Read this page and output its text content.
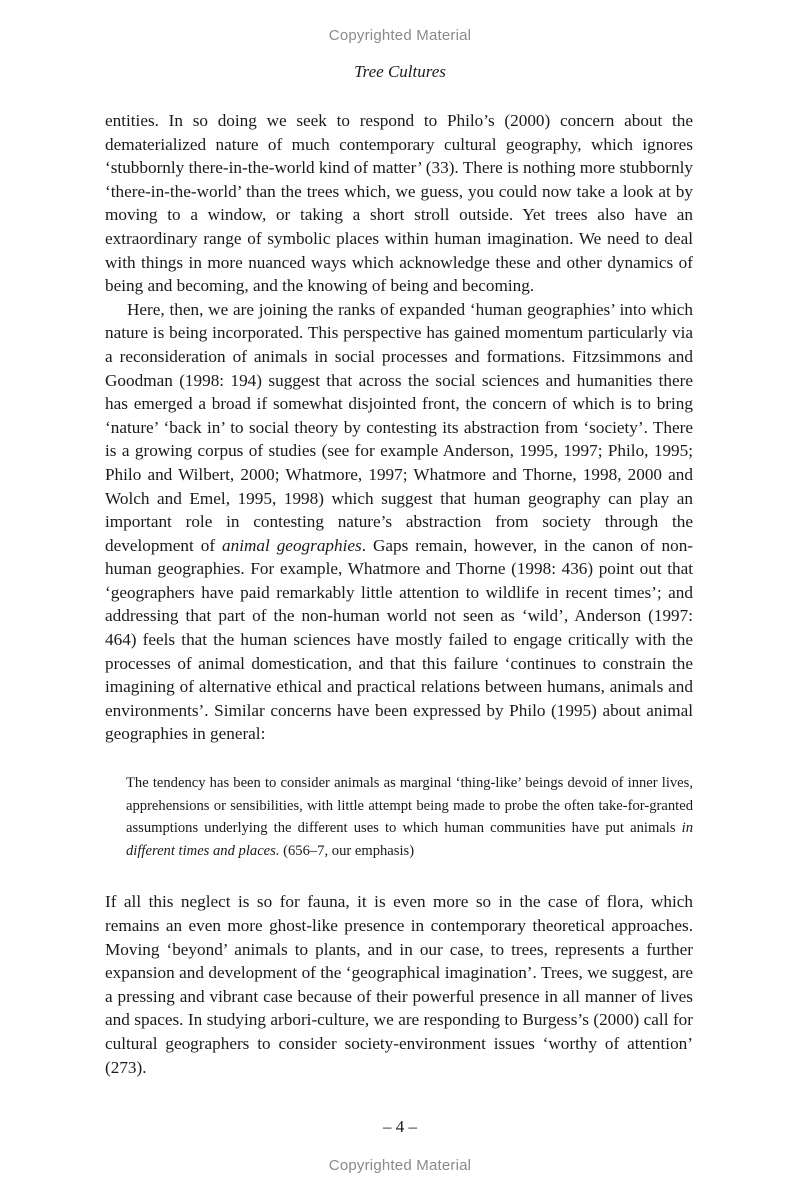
Copyrighted Material
Tree Cultures

entities. In so doing we seek to respond to Philo’s (2000) concern about the dematerialized nature of much contemporary cultural geography, which ignores ‘stubbornly there-in-the-world kind of matter’ (33). There is nothing more stubbornly ‘there-in-the-world’ than the trees which, we guess, you could now take a look at by moving to a window, or taking a short stroll outside. Yet trees also have an extraordinary range of symbolic places within human imagination. We need to deal with things in more nuanced ways which acknowledge these and other dynamics of being and becoming, and the knowing of being and becoming.

Here, then, we are joining the ranks of expanded ‘human geographies’ into which nature is being incorporated. This perspective has gained momentum particularly via a reconsideration of animals in social processes and formations. Fitzsimmons and Goodman (1998: 194) suggest that across the social sciences and humanities there has emerged a broad if somewhat disjointed front, the concern of which is to bring ‘nature’ ‘back in’ to social theory by contesting its abstraction from ‘society’. There is a growing corpus of studies (see for example Anderson, 1995, 1997; Philo, 1995; Philo and Wilbert, 2000; Whatmore, 1997; Whatmore and Thorne, 1998, 2000 and Wolch and Emel, 1995, 1998) which suggest that human geography can play an important role in contesting nature’s abstraction from society through the development of animal geographies. Gaps remain, however, in the canon of non-human geographies. For example, Whatmore and Thorne (1998: 436) point out that ‘geographers have paid remarkably little attention to wildlife in recent times’; and addressing that part of the non-human world not seen as ‘wild’, Anderson (1997: 464) feels that the human sciences have mostly failed to engage critically with the processes of animal domestication, and that this failure ‘continues to constrain the imagining of alternative ethical and practical relations between humans, animals and environments’. Similar concerns have been expressed by Philo (1995) about animal geographies in general:

The tendency has been to consider animals as marginal ‘thing-like’ beings devoid of inner lives, apprehensions or sensibilities, with little attempt being made to probe the often take-for-granted assumptions underlying the different uses to which human communities have put animals in different times and places. (656–7, our emphasis)

If all this neglect is so for fauna, it is even more so in the case of flora, which remains an even more ghost-like presence in contemporary theoretical approaches. Moving ‘beyond’ animals to plants, and in our case, to trees, represents a further expansion and development of the ‘geographical imagination’. Trees, we suggest, are a pressing and vibrant case because of their powerful presence in all manner of lives and spaces. In studying arbori-culture, we are responding to Burgess’s (2000) call for cultural geographers to consider society-environment issues ‘worthy of attention’ (273).

– 4 –
Copyrighted Material
